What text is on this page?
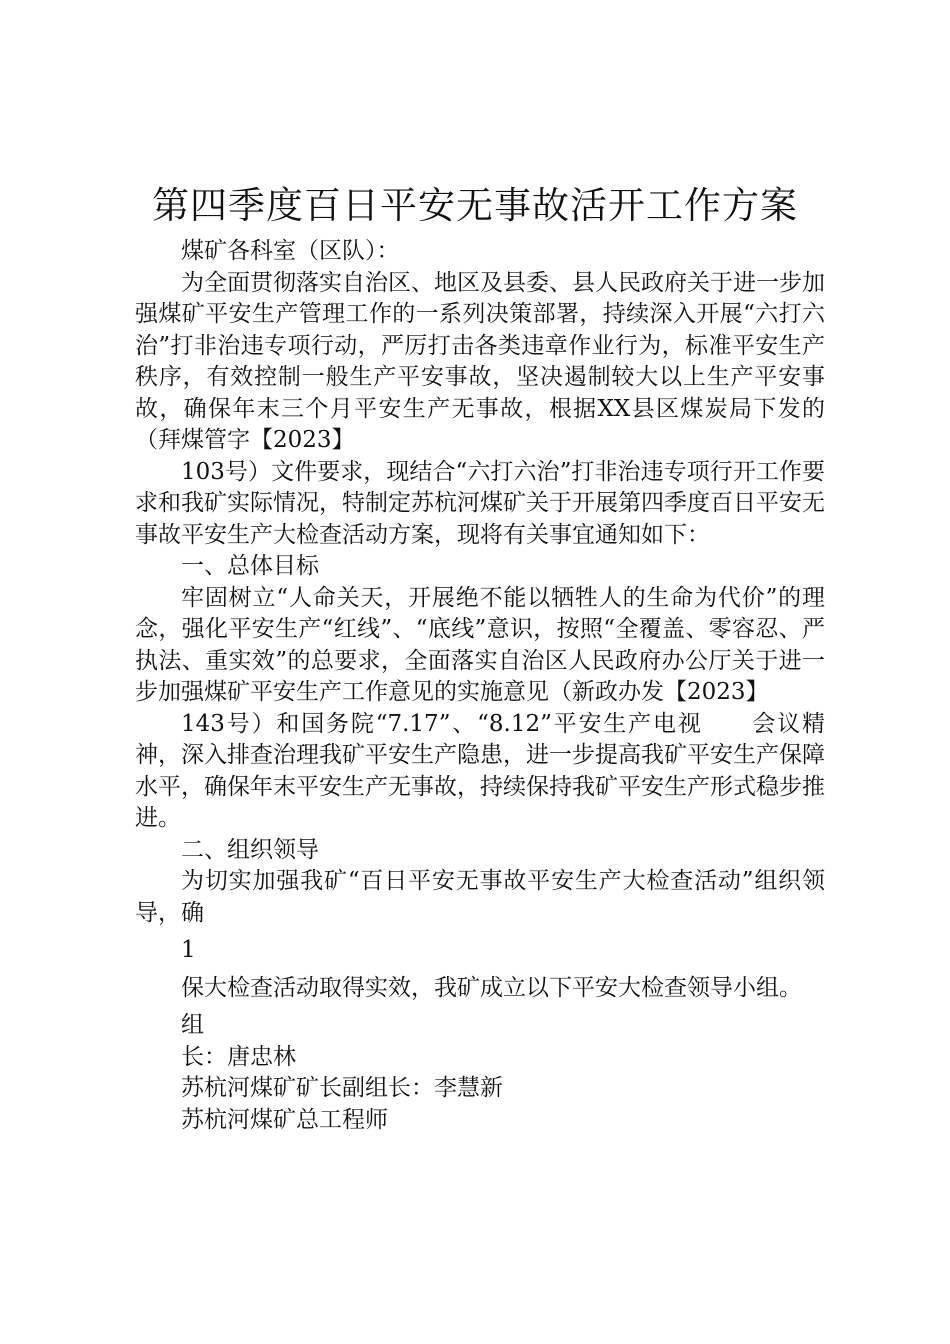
第四季度百日平安无事故活开工作方案

煤矿各科室（区队）：

为全面贯彻落实自治区、地区及县委、县人民政府关于进一步加强煤矿平安生产管理工作的一系列决策部署，持续深入开展“六打六治”打非治违专项行动，严厉打击各类违章作业行为，标准平安生产秩序，有效控制一般生产平安事故，坚决遏制较大以上生产平安事故，确保年末三个月平安生产无事故，根据XX县区煤炭局下发的（拜煤管字【2023】

103号）文件要求，现结合“六打六治”打非治违专项行开工作要求和我矿实际情况，特制定苏杭河煤矿关于开展第四季度百日平安无事故平安生产大检查活动方案，现将有关事宜通知如下：

一、总体目标

牢固树立“人命关天，开展绝不能以牺牲人的生命为代价”的理念，强化平安生产“红线”、“底线”意识，按照“全覆盖、零容忍、严执法、重实效”的总要求，全面落实自治区人民政府办公厅关于进一步加强煤矿平安生产工作意见的实施意见（新政办发【2023】

143号）和国务院“7.17”、“8.12”平安生产电视　　会议精神，深入排查治理我矿平安生产隐患，进一步提高我矿平安生产保障水平，确保年末平安生产无事故，持续保持我矿平安生产形式稳步推进。

二、组织领导

为切实加强我矿“百日平安无事故平安生产大检查活动”组织领导，确

1

保大检查活动取得实效，我矿成立以下平安大检查领导小组。

组

长：唐忠林

苏杭河煤矿矿长副组长：李慧新

苏杭河煤矿总工程师
